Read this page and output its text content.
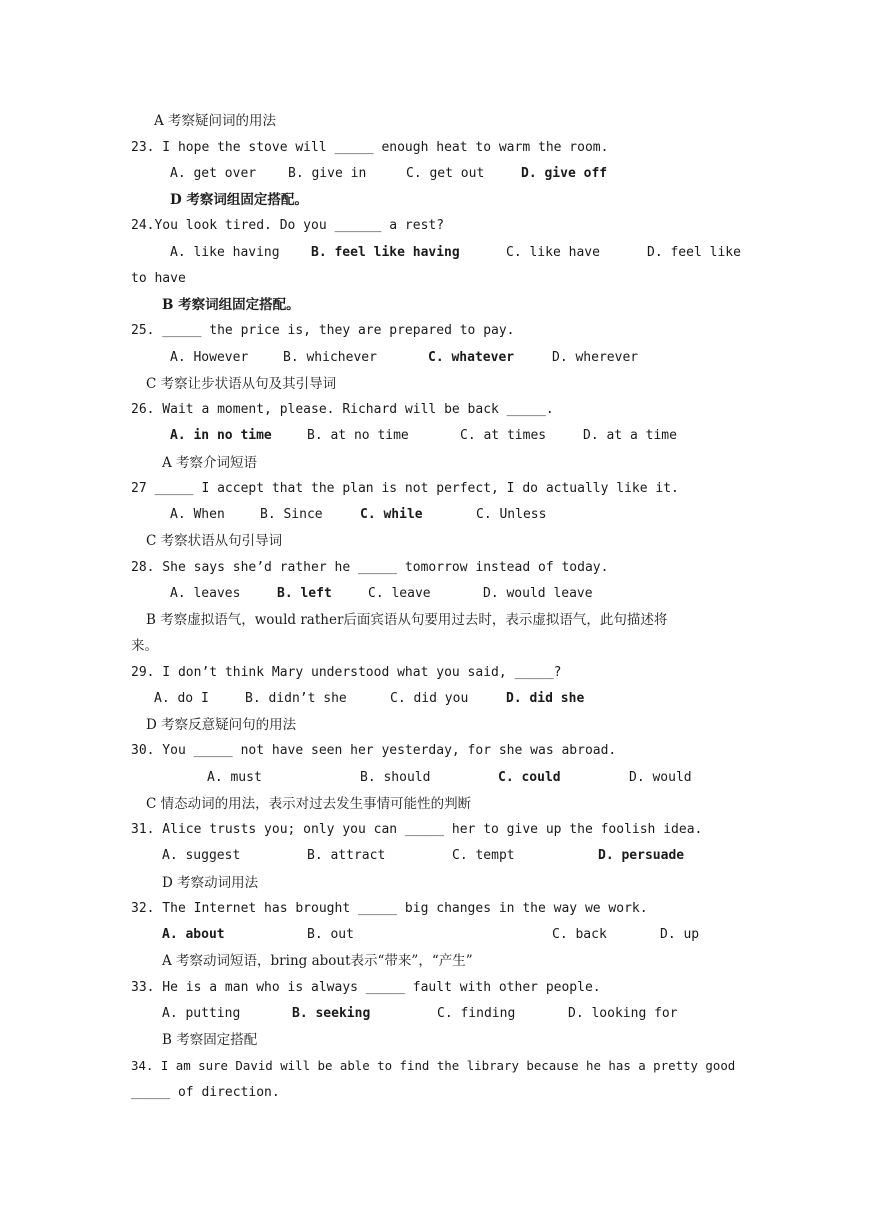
A 考察疑问词的用法
23. I hope the stove will _____ enough heat to warm the room.
A. get over B. give in	C. get out	D. give off
D 考察词组固定搭配。
24.You look tired. Do you ______ a rest?
A. like having B. feel like having	C. like have	D. feel like
to have
B 考察词组固定搭配。
25. _____ the price is, they are prepared to pay.
A. However	B. whichever	C. whatever	D. wherever
C 考察让步状语从句及其引导词
26. Wait a moment, please. Richard will be back _____.
A. in no time	B. at no time	C. at times	D. at a time
A 考察介词短语
27 _____ I accept that the plan is not perfect, I do actually like it.
A. When	B. Since	C. while	C. Unless
C 考察状语从句引导词
28. She says she’d rather he _____ tomorrow instead of today.
A. leaves	B. left	C. leave	D. would leave
B 考察虚拟语气，would rather后面宾语从句要用过去时，表示虚拟语气，此句描述将
来。
29. I don’t think Mary understood what you said, _____?
A. do I	B. didn’t she	C. did you	D. did she
D 考察反意疑问句的用法
30. You _____ not have seen her yesterday, for she was abroad.
A. must	B. should	C. could	D. would
C 情态动词的用法，表示对过去发生事情可能性的判断
31. Alice trusts you; only you can _____ her to give up the foolish idea.
A. suggest	B. attract	C. tempt	D. persuade
D 考察动词用法
32. The Internet has brought _____ big changes in the way we work.
A. about	B. out	C. back	D. up
A 考察动词短语，bring about表示“带来”，“产生”
33. He is a man who is always _____ fault with other people.
A. putting	B. seeking	C. finding	D. looking for
B 考察固定搭配
34. I am sure David will be able to find the library because he has a pretty good
_____ of direction.
